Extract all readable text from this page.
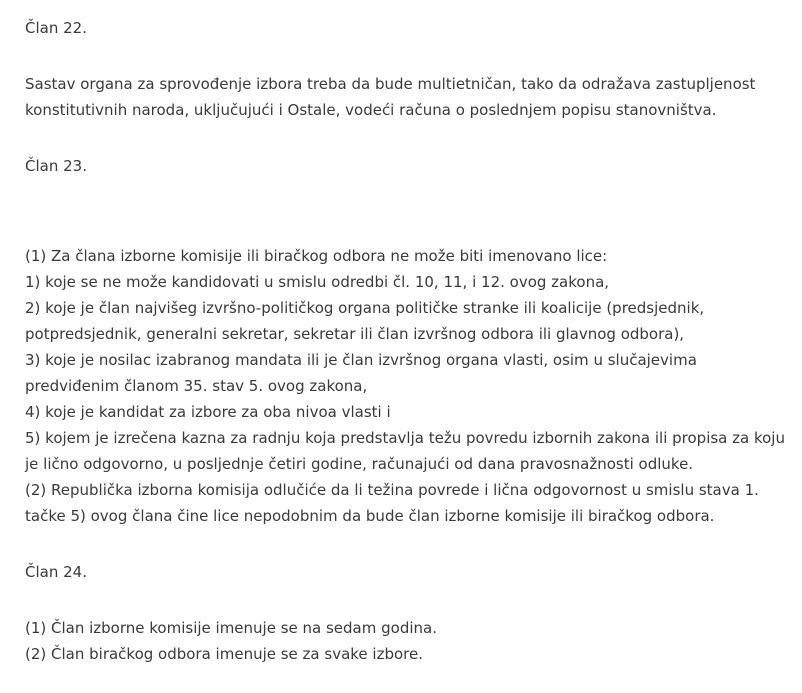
Član 22.
Sastav organa za sprovođenje izbora treba da bude multietničan, tako da odražava zastupljenost
konstitutivnih naroda, uključujući i Ostale, vodeći računa o poslednjem popisu stanovništva.
Član 23.
(1) Za člana izborne komisije ili biračkog odbora ne može biti imenovano lice:
1) koje se ne može kandidovati u smislu odredbi čl. 10, 11, i 12. ovog zakona,
2) koje je član najvišeg izvršno-političkog organa političke stranke ili koalicije (predsjednik,
potpredsjednik, generalni sekretar, sekretar ili član izvršnog odbora ili glavnog odbora),
3) koje je nosilac izabranog mandata ili je član izvršnog organa vlasti, osim u slučajevima
predviđenim članom 35. stav 5. ovog zakona,
4) koje je kandidat za izbore za oba nivoa vlasti i
5) kojem je izrečena kazna za radnju koja predstavlja težu povredu izbornih zakona ili propisa za koju
je lično odgovorno, u posljednje četiri godine, računajući od dana pravosnažnosti odluke.
(2) Republička izborna komisija odlučiće da li težina povrede i lična odgovornost u smislu stava 1.
tačke 5) ovog člana čine lice nepodobnim da bude član izborne komisije ili biračkog odbora.
Član 24.
(1) Član izborne komisije imenuje se na sedam godina.
(2) Član biračkog odbora imenuje se za svake izbore.
